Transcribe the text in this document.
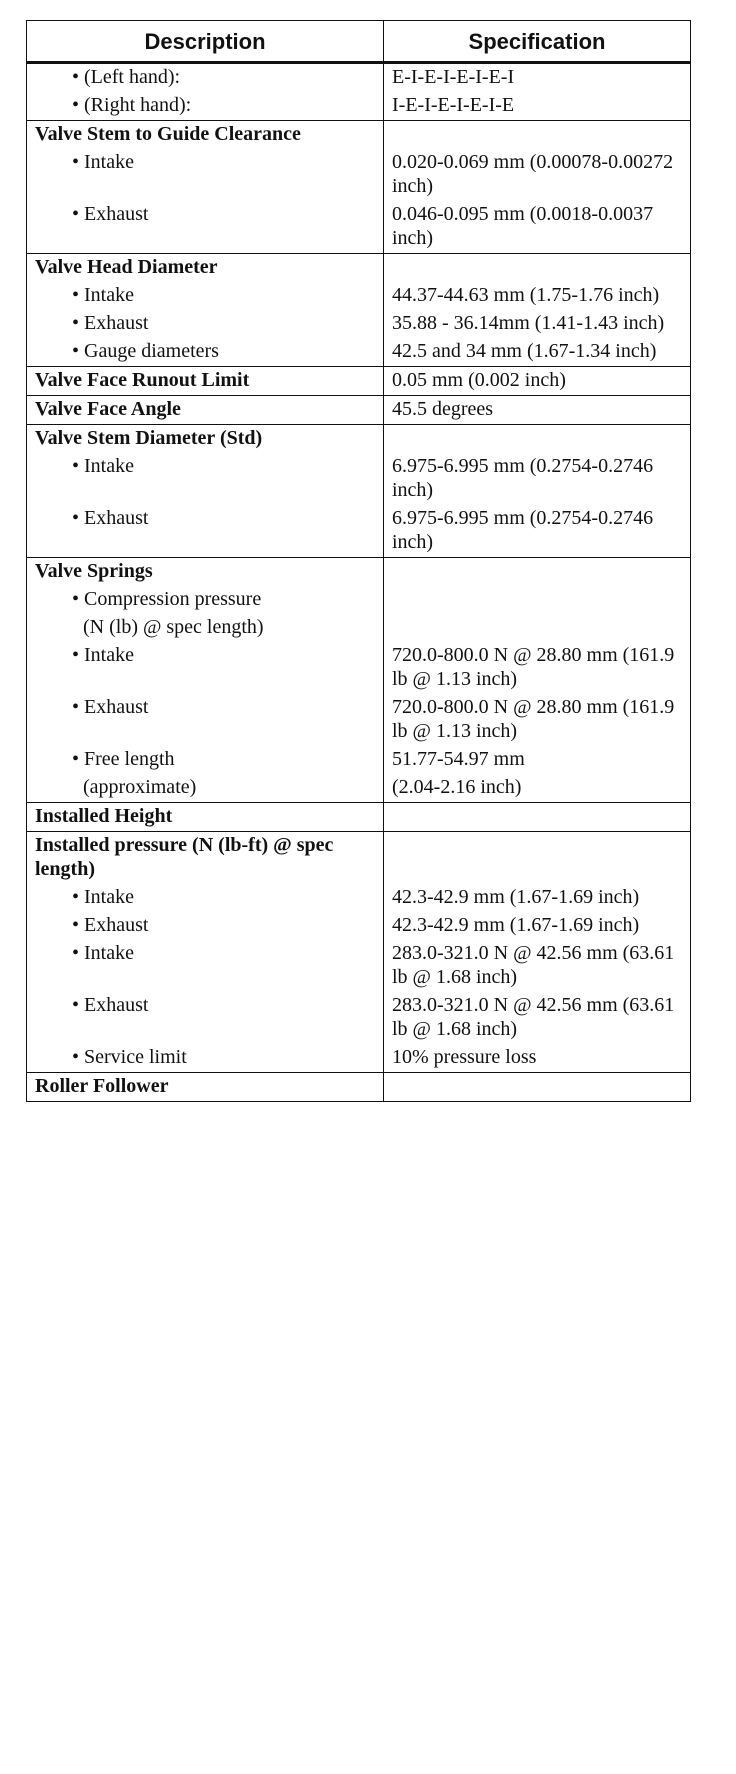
Description	Specification
• (Left hand):	E-I-E-I-E-I-E-I
• (Right hand):	I-E-I-E-I-E-I-E
Valve Stem to Guide Clearance	
• Intake	0.020-0.069 mm (0.00078-0.00272 inch)
• Exhaust	0.046-0.095 mm (0.0018-0.0037 inch)
Valve Head Diameter	
• Intake	44.37-44.63 mm (1.75-1.76 inch)
• Exhaust	35.88 - 36.14mm (1.41-1.43 inch)
• Gauge diameters	42.5 and 34 mm (1.67-1.34 inch)
Valve Face Runout Limit	0.05 mm (0.002 inch)
Valve Face Angle	45.5 degrees
Valve Stem Diameter (Std)	
• Intake	6.975-6.995 mm (0.2754-0.2746 inch)
• Exhaust	6.975-6.995 mm (0.2754-0.2746 inch)
Valve Springs	
• Compression pressure	
(N (lb) @ spec length)	
• Intake	720.0-800.0 N @ 28.80 mm (161.9 lb @ 1.13 inch)
• Exhaust	720.0-800.0 N @ 28.80 mm (161.9 lb @ 1.13 inch)
• Free length	51.77-54.97 mm
(approximate)	(2.04-2.16 inch)
Installed Height	
Installed pressure (N (lb-ft) @ spec length)	
• Intake	42.3-42.9 mm (1.67-1.69 inch)
• Exhaust	42.3-42.9 mm (1.67-1.69 inch)
• Intake	283.0-321.0 N @ 42.56 mm (63.61 lb @ 1.68 inch)
• Exhaust	283.0-321.0 N @ 42.56 mm (63.61 lb @ 1.68 inch)
• Service limit	10% pressure loss
Roller Follower	
